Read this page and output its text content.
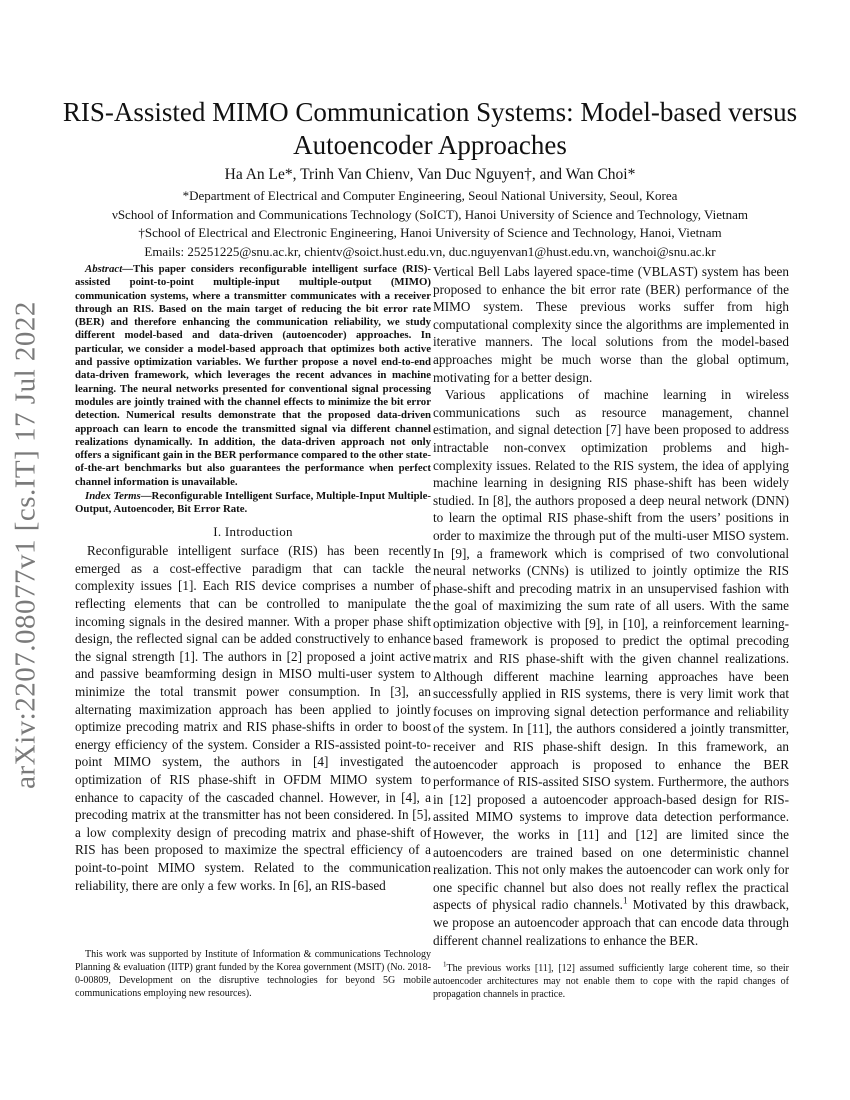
arXiv:2207.08077v1 [cs.IT] 17 Jul 2022
RIS-Assisted MIMO Communication Systems: Model-based versus Autoencoder Approaches
Ha An Le*, Trinh Van Chienν, Van Duc Nguyen†, and Wan Choi*
*Department of Electrical and Computer Engineering, Seoul National University, Seoul, Korea
νSchool of Information and Communications Technology (SoICT), Hanoi University of Science and Technology, Vietnam
†School of Electrical and Electronic Engineering, Hanoi University of Science and Technology, Hanoi, Vietnam
Emails: 25251225@snu.ac.kr, chientv@soict.hust.edu.vn, duc.nguyenvan1@hust.edu.vn, wanchoi@snu.ac.kr

Abstract—This paper considers reconfigurable intelligent surface (RIS)-assisted point-to-point multiple-input multiple-output (MIMO) communication systems, where a transmitter communicates with a receiver through an RIS. Based on the main target of reducing the bit error rate (BER) and therefore enhancing the communication reliability, we study different model-based and data-driven (autoencoder) approaches. In particular, we consider a model-based approach that optimizes both active and passive optimization variables. We further propose a novel end-to-end data-driven framework, which leverages the recent advances in machine learning. The neural networks presented for conventional signal processing modules are jointly trained with the channel effects to minimize the bit error detection. Numerical results demonstrate that the proposed data-driven approach can learn to encode the transmitted signal via different channel realizations dynamically. In addition, the data-driven approach not only offers a significant gain in the BER performance compared to the other state-of-the-art benchmarks but also guarantees the performance when perfect channel information is unavailable.

Index Terms—Reconfigurable Intelligent Surface, Multiple-Input Multiple-Output, Autoencoder, Bit Error Rate.

I. Introduction

Reconfigurable intelligent surface (RIS) has been recently emerged as a cost-effective paradigm that can tackle the complexity issues [1]. Each RIS device comprises a number of reflecting elements that can be controlled to manipulate the incoming signals in the desired manner. With a proper phase shift design, the reflected signal can be added constructively to enhance the signal strength [1]. The authors in [2] proposed a joint active and passive beamforming design in MISO multi-user system to minimize the total transmit power consumption. In [3], an alternating maximization approach has been applied to jointly optimize precoding matrix and RIS phase-shifts in order to boost energy efficiency of the system. Consider a RIS-assisted point-to-point MIMO system, the authors in [4] investigated the optimization of RIS phase-shift in OFDM MIMO system to enhance to capacity of the cascaded channel. However, in [4], a precoding matrix at the transmitter has not been considered. In [5], a low complexity design of precoding matrix and phase-shift of RIS has been proposed to maximize the spectral efficiency of a point-to-point MIMO system. Related to the communication reliability, there are only a few works. In [6], an RIS-based

Vertical Bell Labs layered space-time (VBLAST) system has been proposed to enhance the bit error rate (BER) performance of the MIMO system. These previous works suffer from high computational complexity since the algorithms are implemented in iterative manners. The local solutions from the model-based approaches might be much worse than the global optimum, motivating for a better design.

Various applications of machine learning in wireless communications such as resource management, channel estimation, and signal detection [7] have been proposed to address intractable non-convex optimization problems and high-complexity issues. Related to the RIS system, the idea of applying machine learning in designing RIS phase-shift has been widely studied. In [8], the authors proposed a deep neural network (DNN) to learn the optimal RIS phase-shift from the users’ positions in order to maximize the through put of the multi-user MISO system. In [9], a framework which is comprised of two convolutional neural networks (CNNs) is utilized to jointly optimize the RIS phase-shift and precoding matrix in an unsupervised fashion with the goal of maximizing the sum rate of all users. With the same optimization objective with [9], in [10], a reinforcement learning-based framework is proposed to predict the optimal precoding matrix and RIS phase-shift with the given channel realizations. Although different machine learning approaches have been successfully applied in RIS systems, there is very limit work that focuses on improving signal detection performance and reliability of the system. In [11], the authors considered a jointly transmitter, receiver and RIS phase-shift design. In this framework, an autoencoder approach is proposed to enhance the BER performance of RIS-assited SISO system. Furthermore, the authors in [12] proposed a autoencoder approach-based design for RIS-assited MIMO systems to improve data detection performance. However, the works in [11] and [12] are limited since the autoencoders are trained based on one deterministic channel realization. This not only makes the autoencoder can work only for one specific channel but also does not really reflex the practical aspects of physical radio channels.$^1$ Motivated by this drawback, we propose an autoencoder approach that can encode data through different channel realizations to enhance the BER.

This work was supported by Institute of Information & communications Technology Planning & evaluation (IITP) grant funded by the Korea government (MSIT) (No. 2018-0-00809, Development on the disruptive technologies for beyond 5G mobile communications employing new resources).
$^1$The previous works [11], [12] assumed sufficiently large coherent time, so their autoencoder architectures may not enable them to cope with the rapid changes of propagation channels in practice.
